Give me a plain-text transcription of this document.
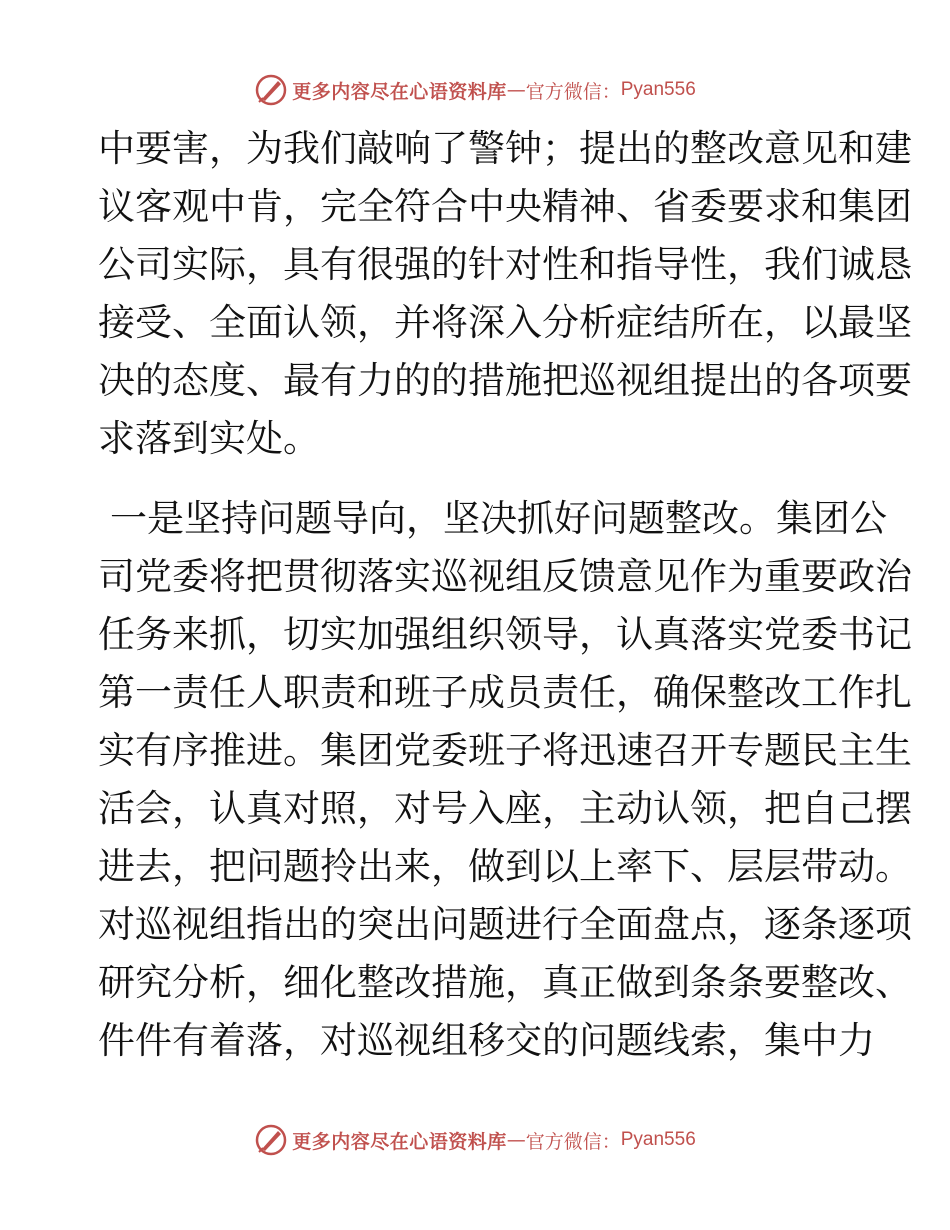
更多内容尽在心语资料库 — 官方微信： Pyan556
中要害，为我们敲响了警钟；提出的整改意见和建
议客观中肯，完全符合中央精神、省委要求和集团
公司实际，具有很强的针对性和指导性，我们诚恳
接受、全面认领，并将深入分析症结所在，以最坚
决的态度、最有力的的措施把巡视组提出的各项要
求落到实处。
一是坚持问题导向，坚决抓好问题整改。集团公
司党委将把贯彻落实巡视组反馈意见作为重要政治
任务来抓，切实加强组织领导，认真落实党委书记
第一责任人职责和班子成员责任，确保整改工作扎
实有序推进。集团党委班子将迅速召开专题民主生
活会，认真对照，对号入座，主动认领，把自己摆
进去，把问题拎出来，做到以上率下、层层带动。
对巡视组指出的突出问题进行全面盘点，逐条逐项
研究分析，细化整改措施，真正做到条条要整改、
件件有着落，对巡视组移交的问题线索，集中力
更多内容尽在心语资料库 — 官方微信： Pyan556
